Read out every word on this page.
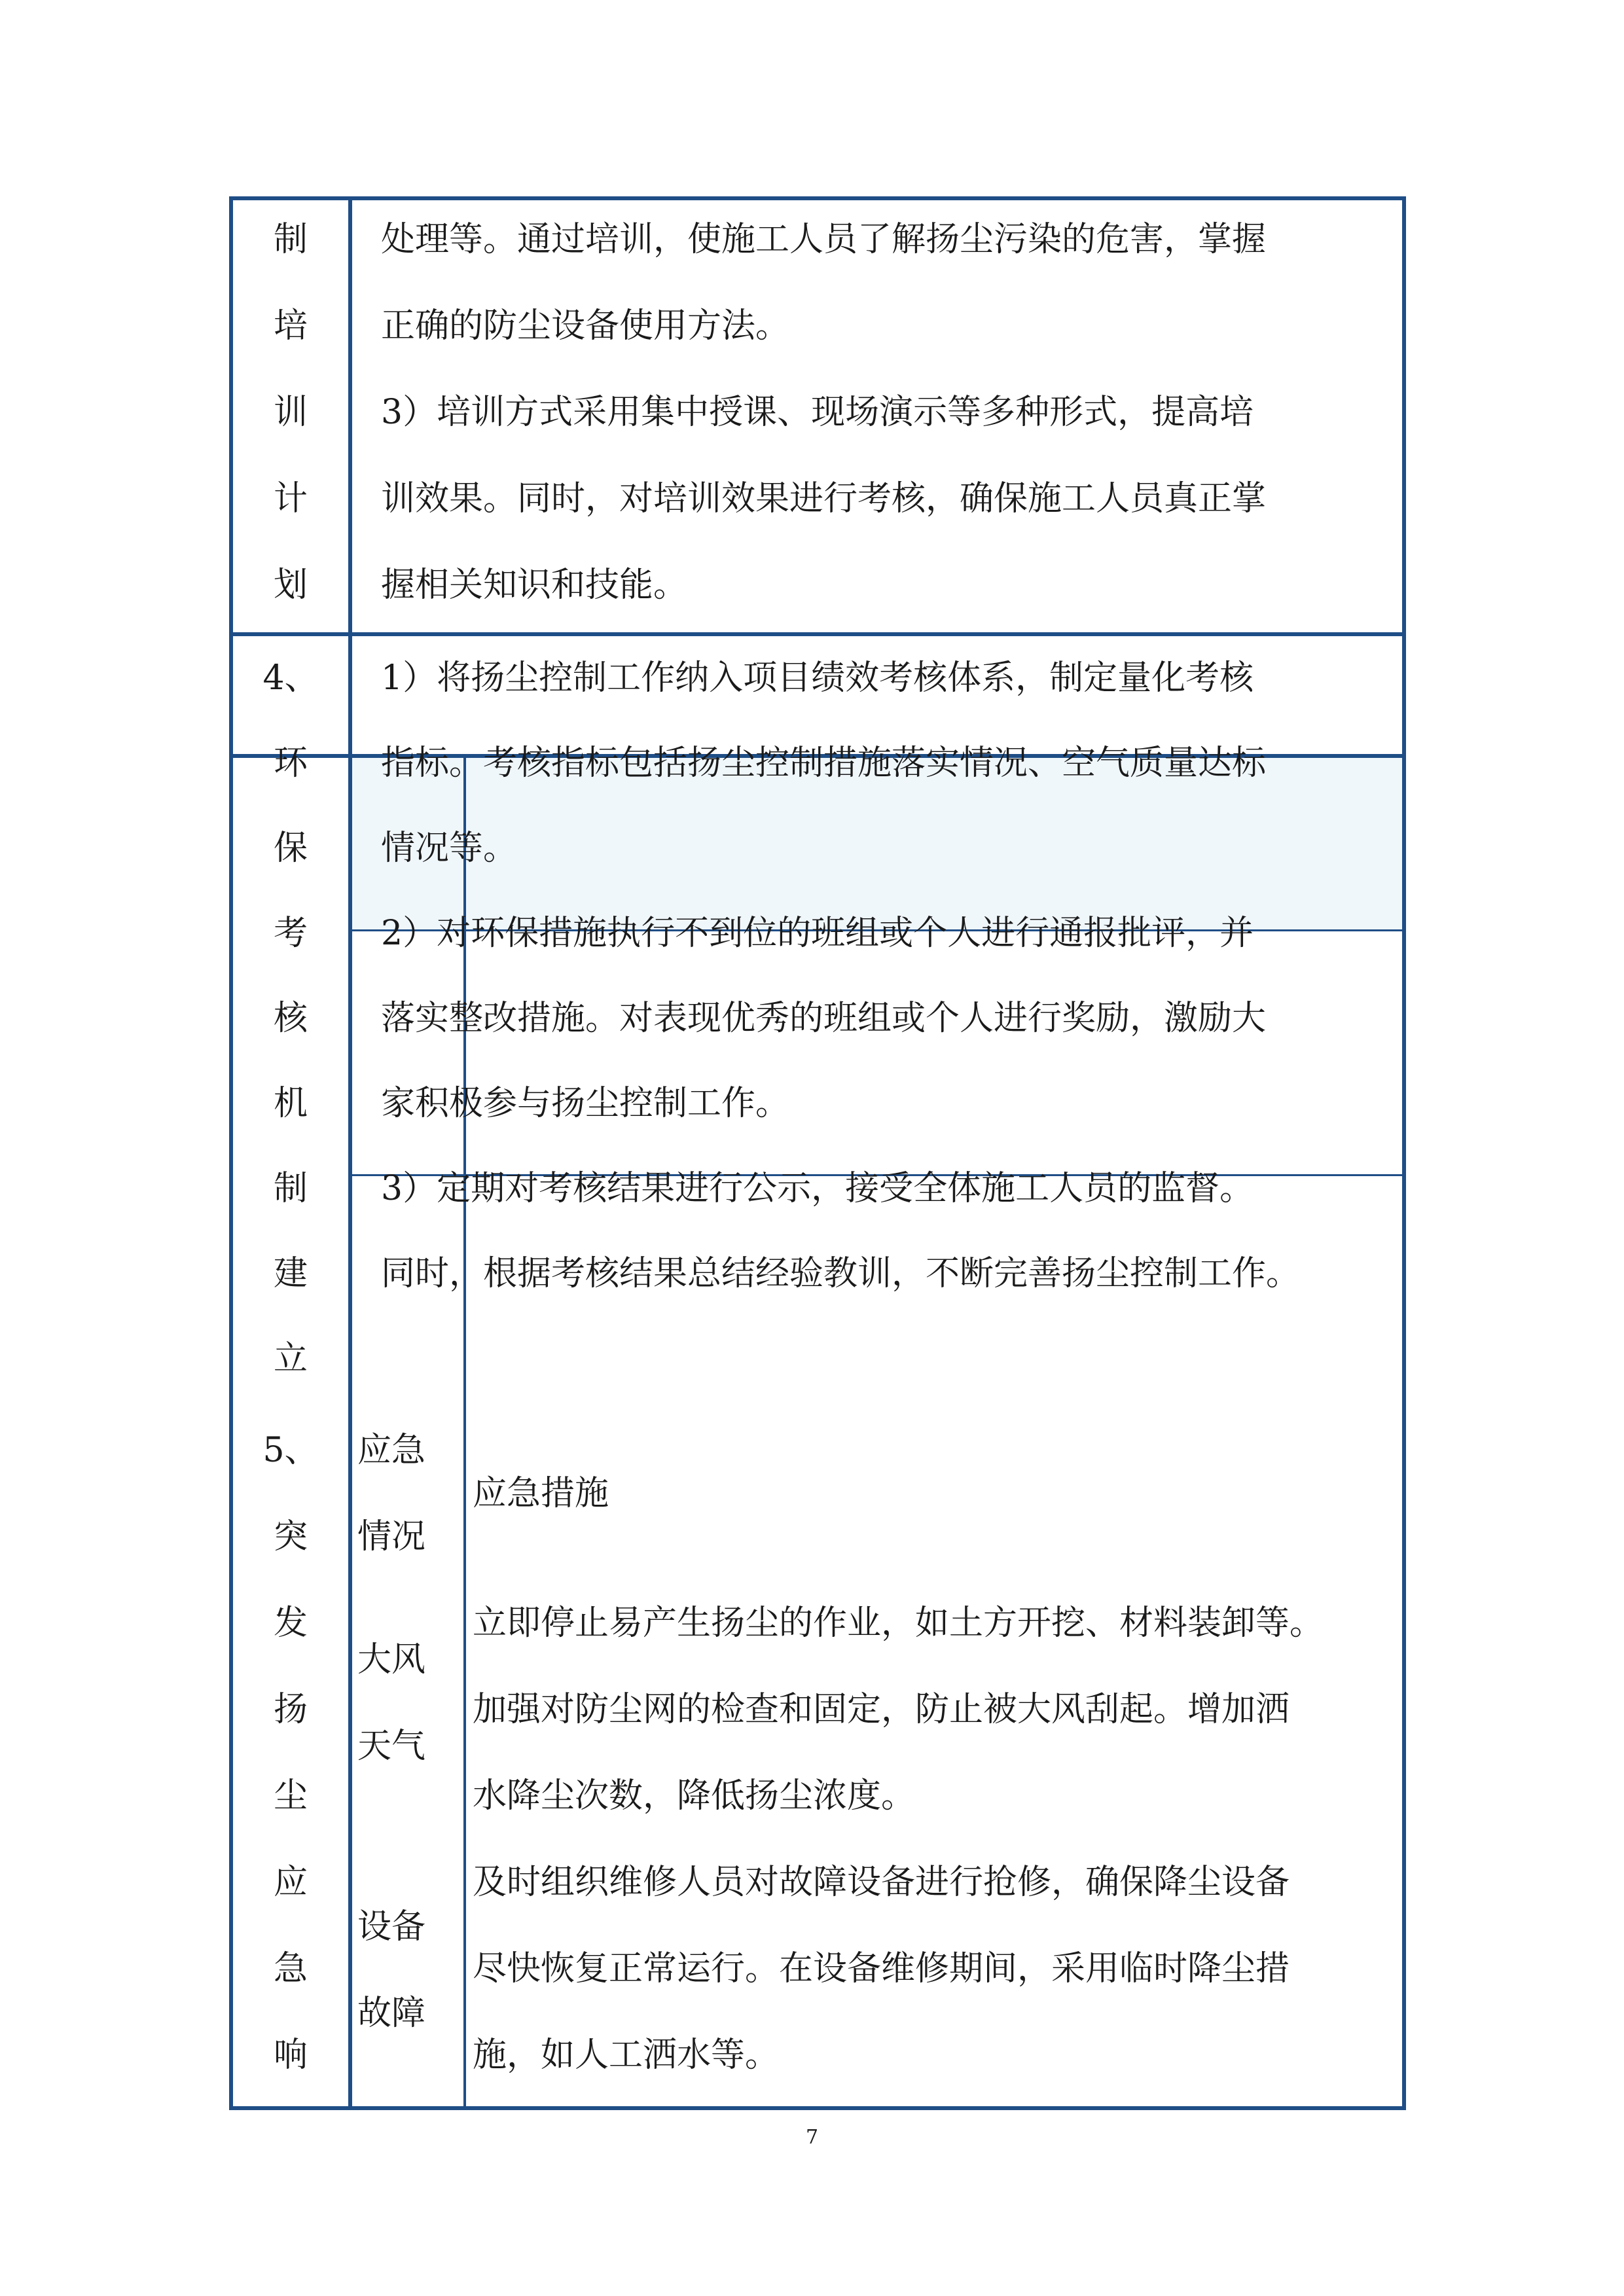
制
培
训
计
划
处理等。通过培训，使施工人员了解扬尘污染的危害，掌握
正确的防尘设备使用方法。
3）培训方式采用集中授课、现场演示等多种形式，提高培
训效果。同时，对培训效果进行考核，确保施工人员真正掌
握相关知识和技能。
4、
环
保
考
核
机
制
建
立
1）将扬尘控制工作纳入项目绩效考核体系，制定量化考核
指标。考核指标包括扬尘控制措施落实情况、空气质量达标
情况等。
2）对环保措施执行不到位的班组或个人进行通报批评，并
落实整改措施。对表现优秀的班组或个人进行奖励，激励大
家积极参与扬尘控制工作。
3）定期对考核结果进行公示，接受全体施工人员的监督。
同时，根据考核结果总结经验教训，不断完善扬尘控制工作。
5、
突
发
扬
尘
应
急
响
应急
情况
应急措施
大风
天气
立即停止易产生扬尘的作业，如土方开挖、材料装卸等。
加强对防尘网的检查和固定，防止被大风刮起。增加洒
水降尘次数，降低扬尘浓度。
设备
故障
及时组织维修人员对故障设备进行抢修，确保降尘设备
尽快恢复正常运行。在设备维修期间，采用临时降尘措
施，如人工洒水等。
7
